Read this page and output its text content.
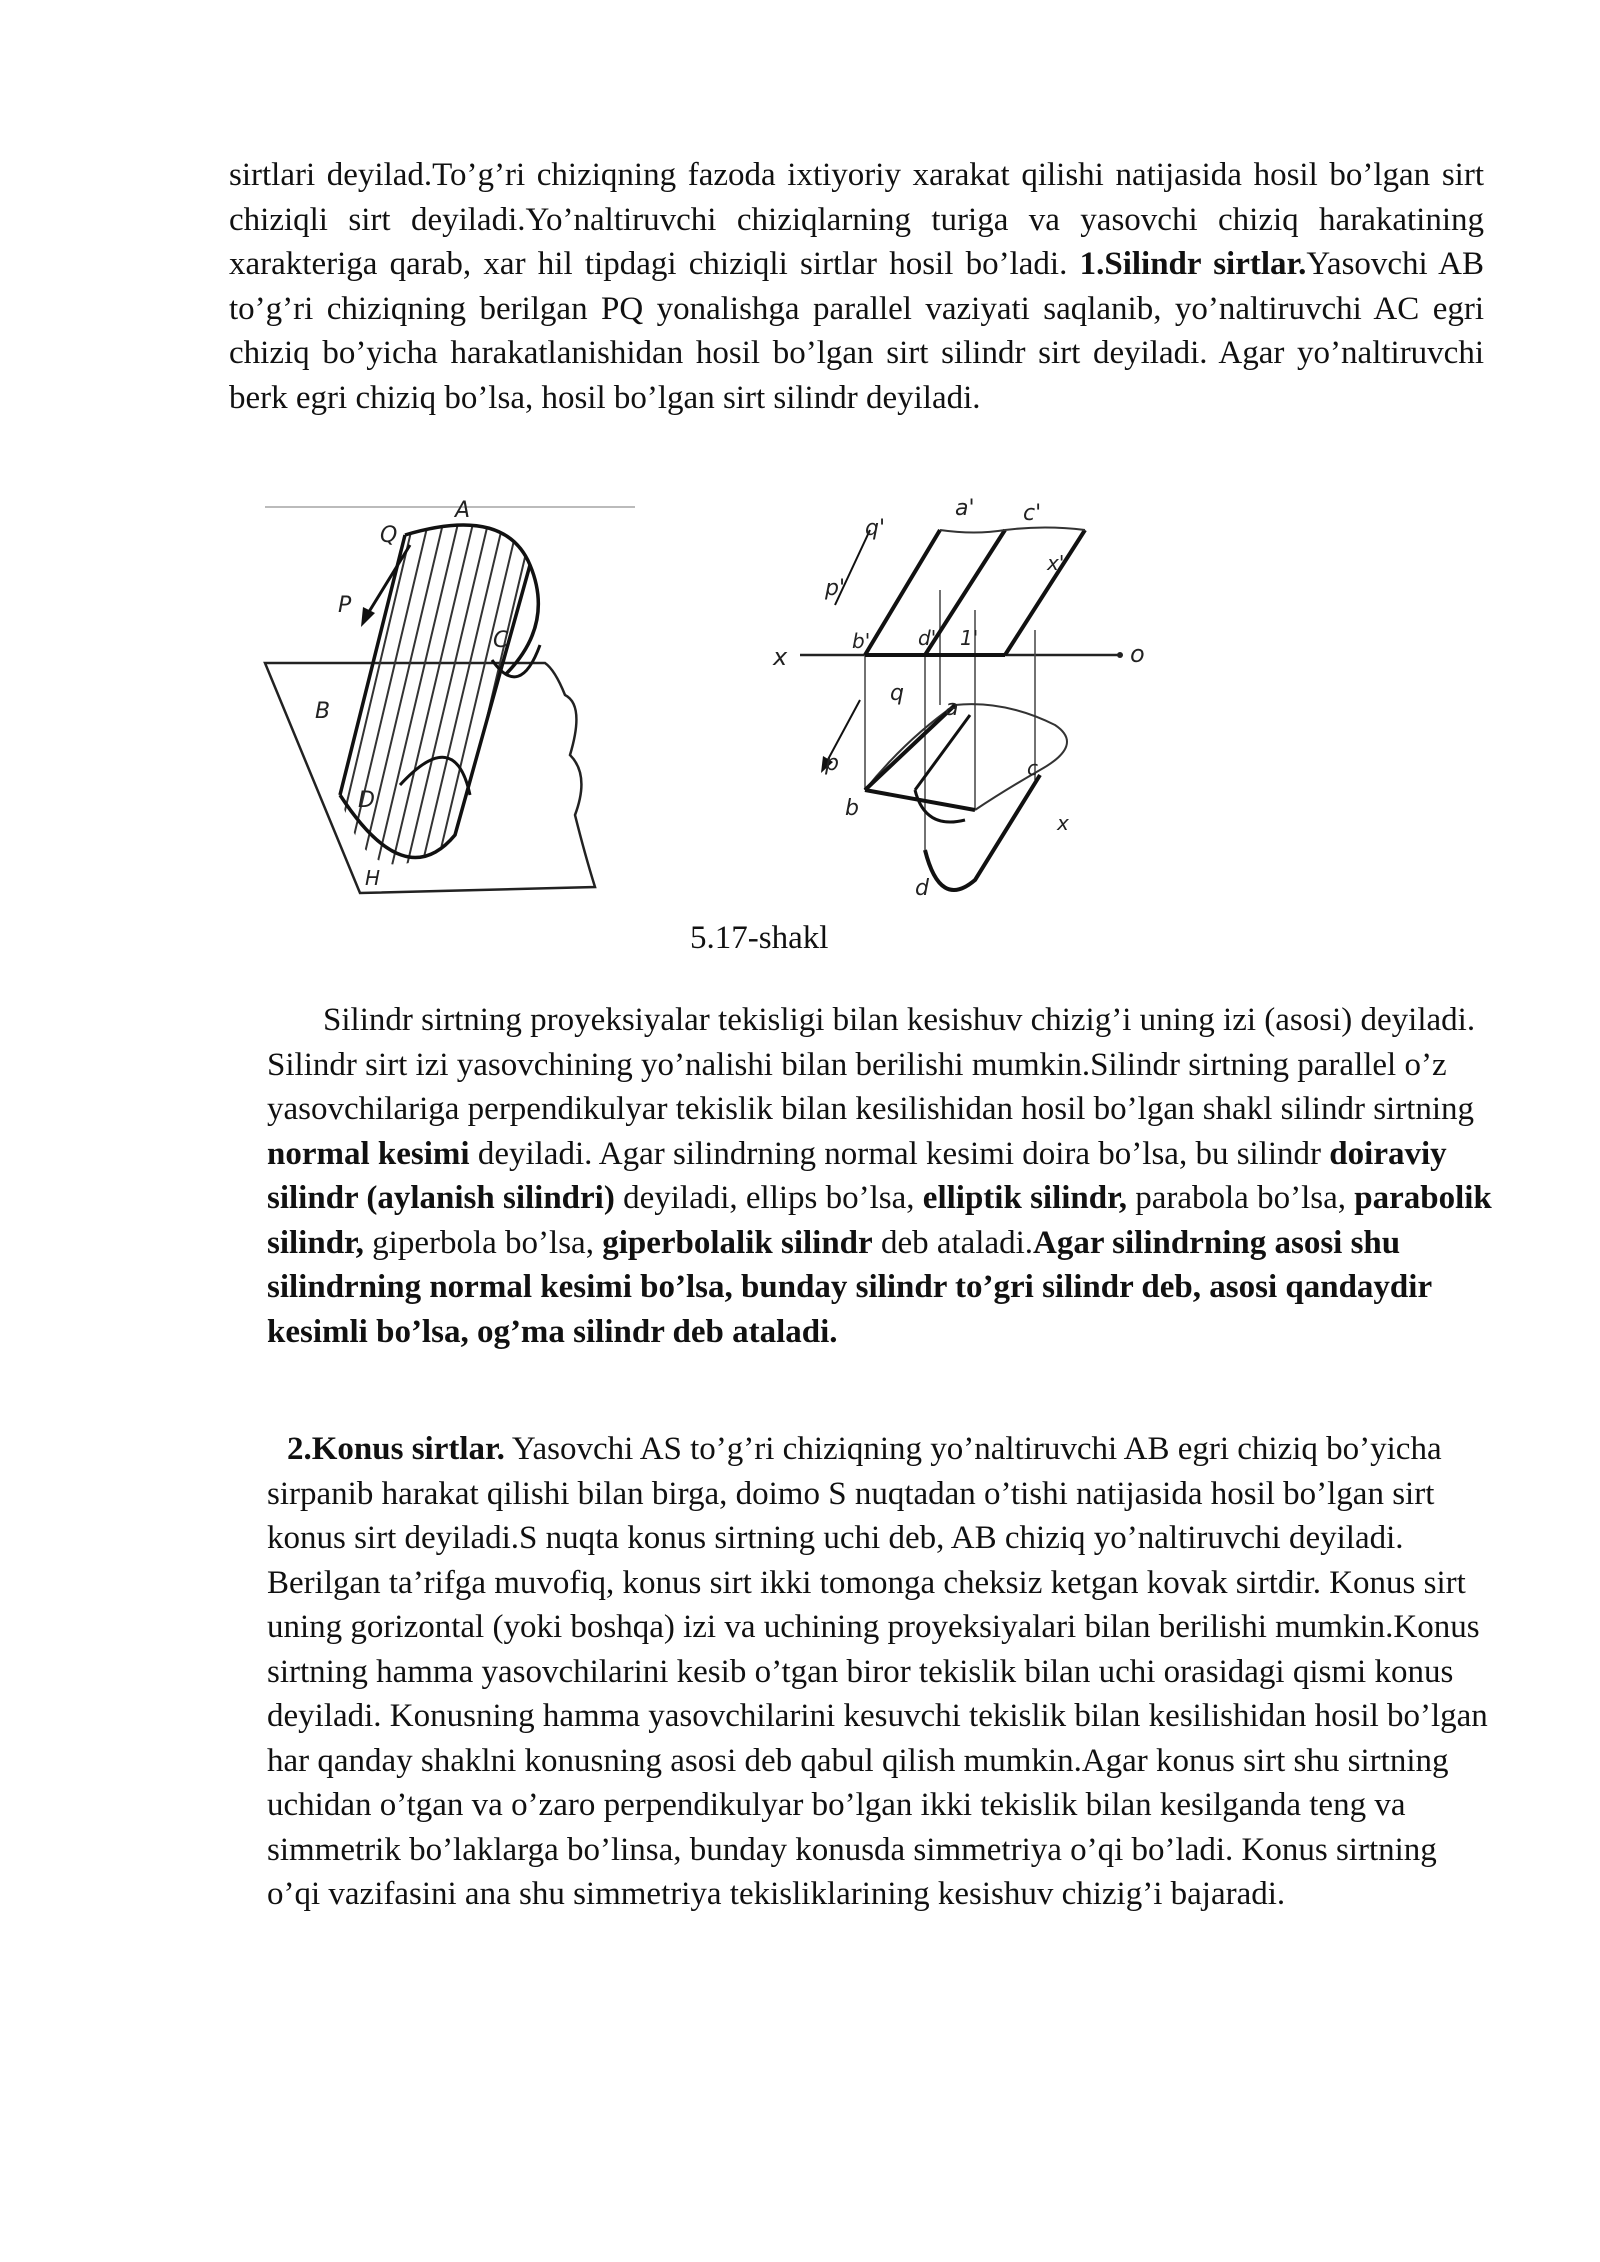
sirtlari deyilad.To’g’ri chiziqning fazoda ixtiyoriy xarakat qilishi natijasida hosil bo’lgan sirt chiziqli sirt deyiladi.Yo’naltiruvchi chiziqlarning turiga va yasovchi chiziq harakatining xarakteriga qarab, xar hil tipdagi chiziqli sirtlar hosil bo’ladi. 1.Silindr sirtlar.Yasovchi AB to’g’ri chiziqning berilgan PQ yonalishga parallel vaziyati saqlanib, yo’naltiruvchi AC egri chiziq bo’yicha harakatlanishidan hosil bo’lgan sirt silindr sirt deyiladi. Agar yo’naltiruvchi berk egri chiziq bo’lsa, hosil bo’lgan sirt silindr deyiladi.

A
Q
P
C
B
D
H
a' c'
q'
x'
p'
x
b' d' 1'
o
q
a
p	c
b
x
d
5.17-shakl

Silindr sirtning proyeksiyalar tekisligi bilan kesishuv chizig’i uning izi (asosi) deyiladi. Silindr sirt izi yasovchining yo’nalishi bilan berilishi mumkin.Silindr sirtning parallel o’z yasovchilariga perpendikulyar tekislik bilan kesilishidan hosil bo’lgan shakl silindr sirtning normal kesimi deyiladi. Agar silindrning normal kesimi doira bo’lsa, bu silindr doiraviy silindr (aylanish silindri) deyiladi, ellips bo’lsa, elliptik silindr, parabola bo’lsa, parabolik silindr, giperbola bo’lsa, giperbolalik silindr deb ataladi.Agar silindrning asosi shu silindrning normal kesimi bo’lsa, bunday silindr to’gri silindr deb, asosi qandaydir kesimli bo’lsa, og’ma silindr deb ataladi.

2.Konus sirtlar. Yasovchi AS to’g’ri chiziqning yo’naltiruvchi AB egri chiziq bo’yicha sirpanib harakat qilishi bilan birga, doimo S nuqtadan o’tishi natijasida hosil bo’lgan sirt konus sirt deyiladi.S nuqta konus sirtning uchi deb, AB chiziq yo’naltiruvchi deyiladi. Berilgan ta’rifga muvofiq, konus sirt ikki tomonga cheksiz ketgan kovak sirtdir. Konus sirt uning gorizontal (yoki boshqa) izi va uchining proyeksiyalari bilan berilishi mumkin.Konus sirtning hamma yasovchilarini kesib o’tgan biror tekislik bilan uchi orasidagi qismi konus deyiladi. Konusning hamma yasovchilarini kesuvchi tekislik bilan kesilishidan hosil bo’lgan har qanday shaklni konusning asosi deb qabul qilish mumkin.Agar konus sirt shu sirtning uchidan o’tgan va o’zaro perpendikulyar bo’lgan ikki tekislik bilan kesilganda teng va simmetrik bo’laklarga bo’linsa, bunday konusda simmetriya o’qi bo’ladi. Konus sirtning o’qi vazifasini ana shu simmetriya tekisliklarining kesishuv chizig’i bajaradi.
